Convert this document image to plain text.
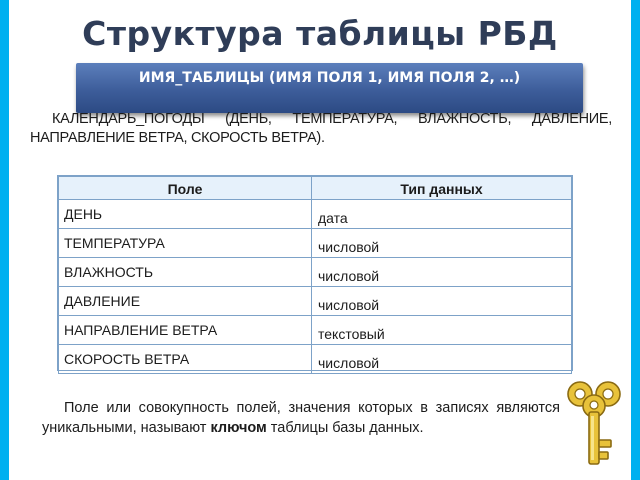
Структура таблицы РБД
ИМЯ_ТАБЛИЦЫ (ИМЯ ПОЛЯ 1, ИМЯ ПОЛЯ 2, …)

КАЛЕНДАРЬ_ПОГОДЫ (ДЕНЬ, ТЕМПЕРАТУРА, ВЛАЖНОСТЬ, ДАВЛЕНИЕ, НАПРАВЛЕНИЕ ВЕТРА, СКОРОСТЬ ВЕТРА).

Поле	Тип данных
ДЕНЬ	дата
ТЕМПЕРАТУРА	числовой
ВЛАЖНОСТЬ	числовой
ДАВЛЕНИЕ	числовой
НАПРАВЛЕНИЕ ВЕТРА	текстовый
СКОРОСТЬ ВЕТРА	числовой

Поле или совокупность полей, значения которых в записях являются уникальными, называют ключом таблицы базы данных.
